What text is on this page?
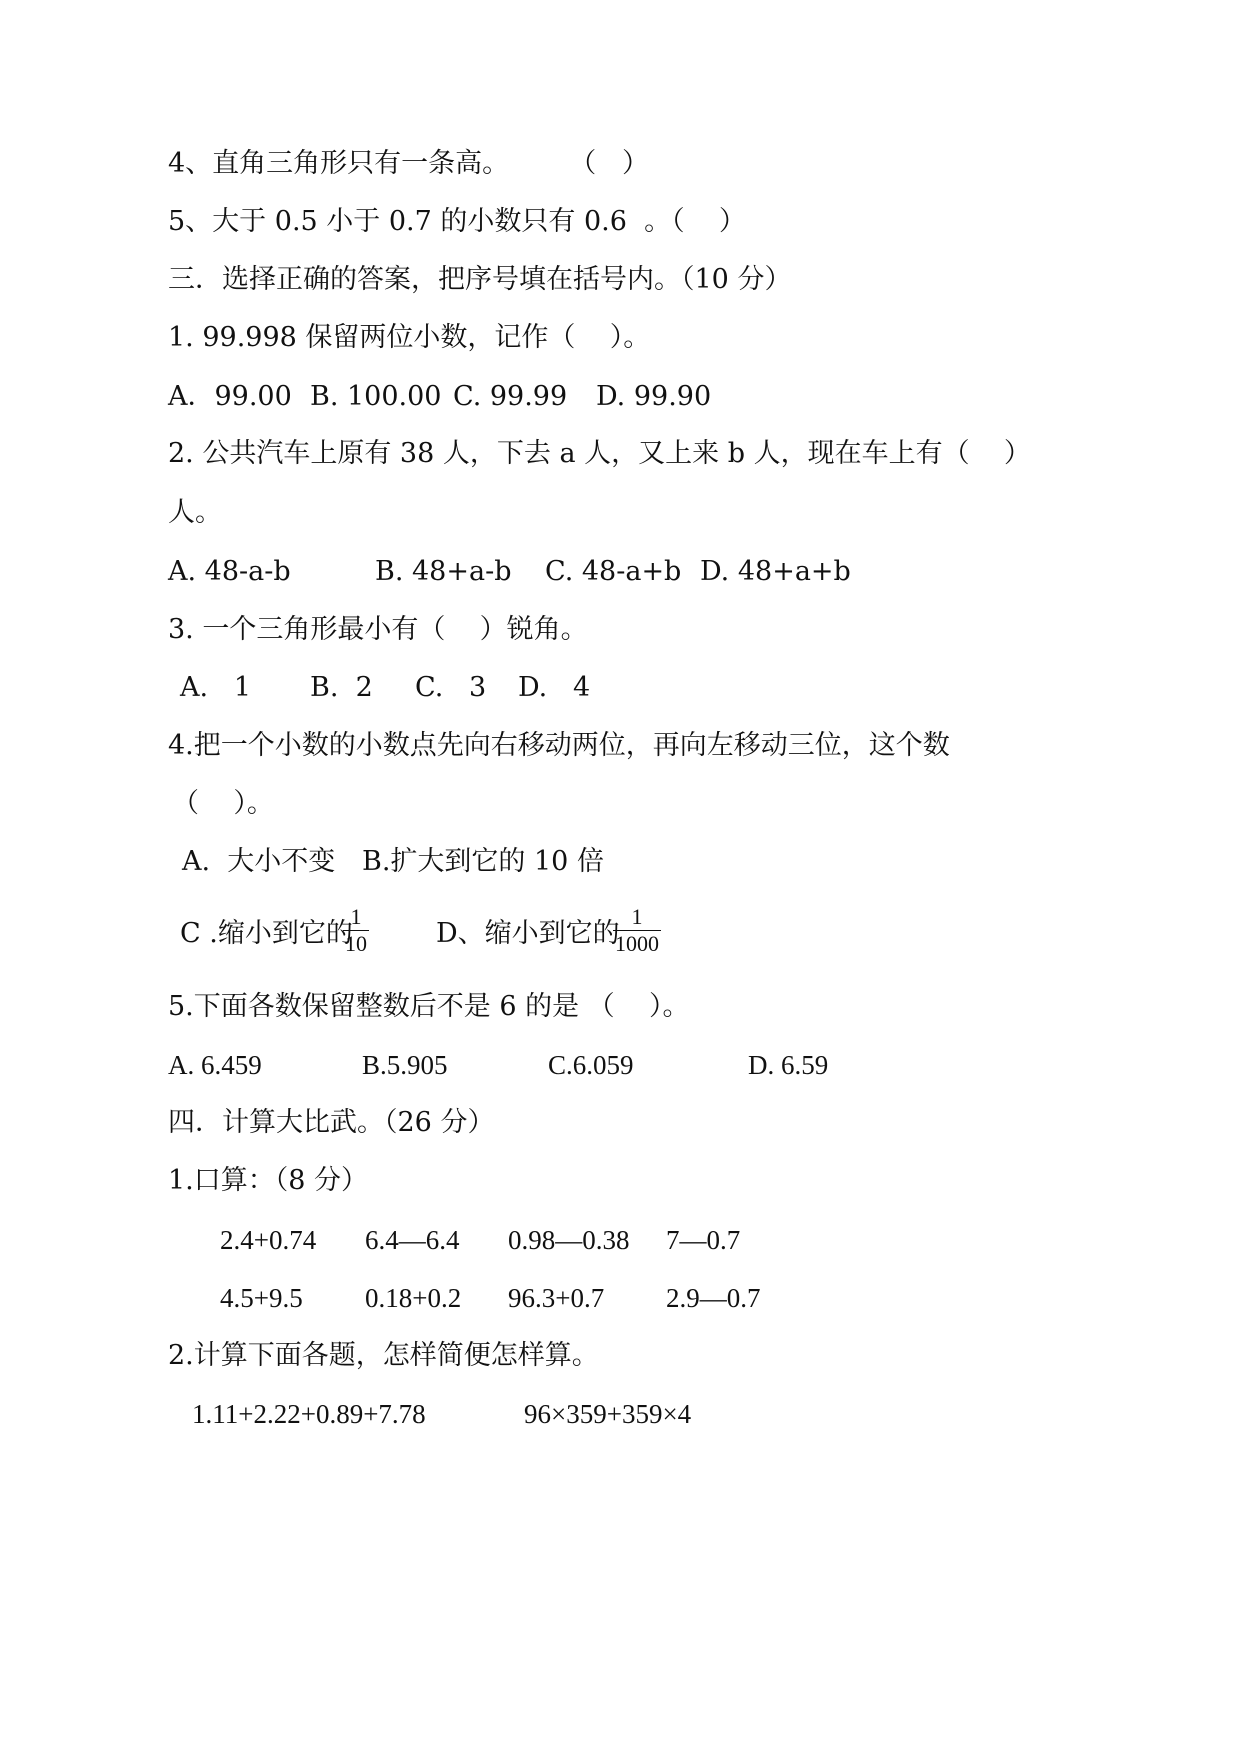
4、直角三角形只有一条高。       （   ）
5、大于 0.5 小于 0.7 的小数只有 0.6  。（    ）
三．选择正确的答案，把序号填在括号内。（10 分）
1. 99.998 保留两位小数，记作（    ）。
A．99.00 B. 100.00 C. 99.99 D. 99.90
2. 公共汽车上原有 38 人，下去 a 人，又上来 b 人，现在车上有（    ）
人。
A. 48-a-b	B. 48+a-b C. 48-a+b D. 48+a+b
3. 一个三角形最小有（    ）锐角。
A.   1 B.  2 C.   3 D.   4
4.把一个小数的小数点先向右移动两位，再向左移动三位，这个数
（    ）。
A.  大小不变 B.扩大到它的 10 倍
C .缩小到它的
1
10	D、缩小到它的
1
1000
5.下面各数保留整数后不是 6 的是 （    ）。
A. 6.459	B.5.905	C.6.059	D. 6.59
四．计算大比武。（26 分）
1.口算：（8 分）
2.4+0.74 6.4—6.4 0.98—0.38 7—0.7
4.5+9.5 0.18+0.2 96.3+0.7 2.9—0.7
2.计算下面各题，怎样简便怎样算。
1.11+2.22+0.89+7.78	96×359+359×4
